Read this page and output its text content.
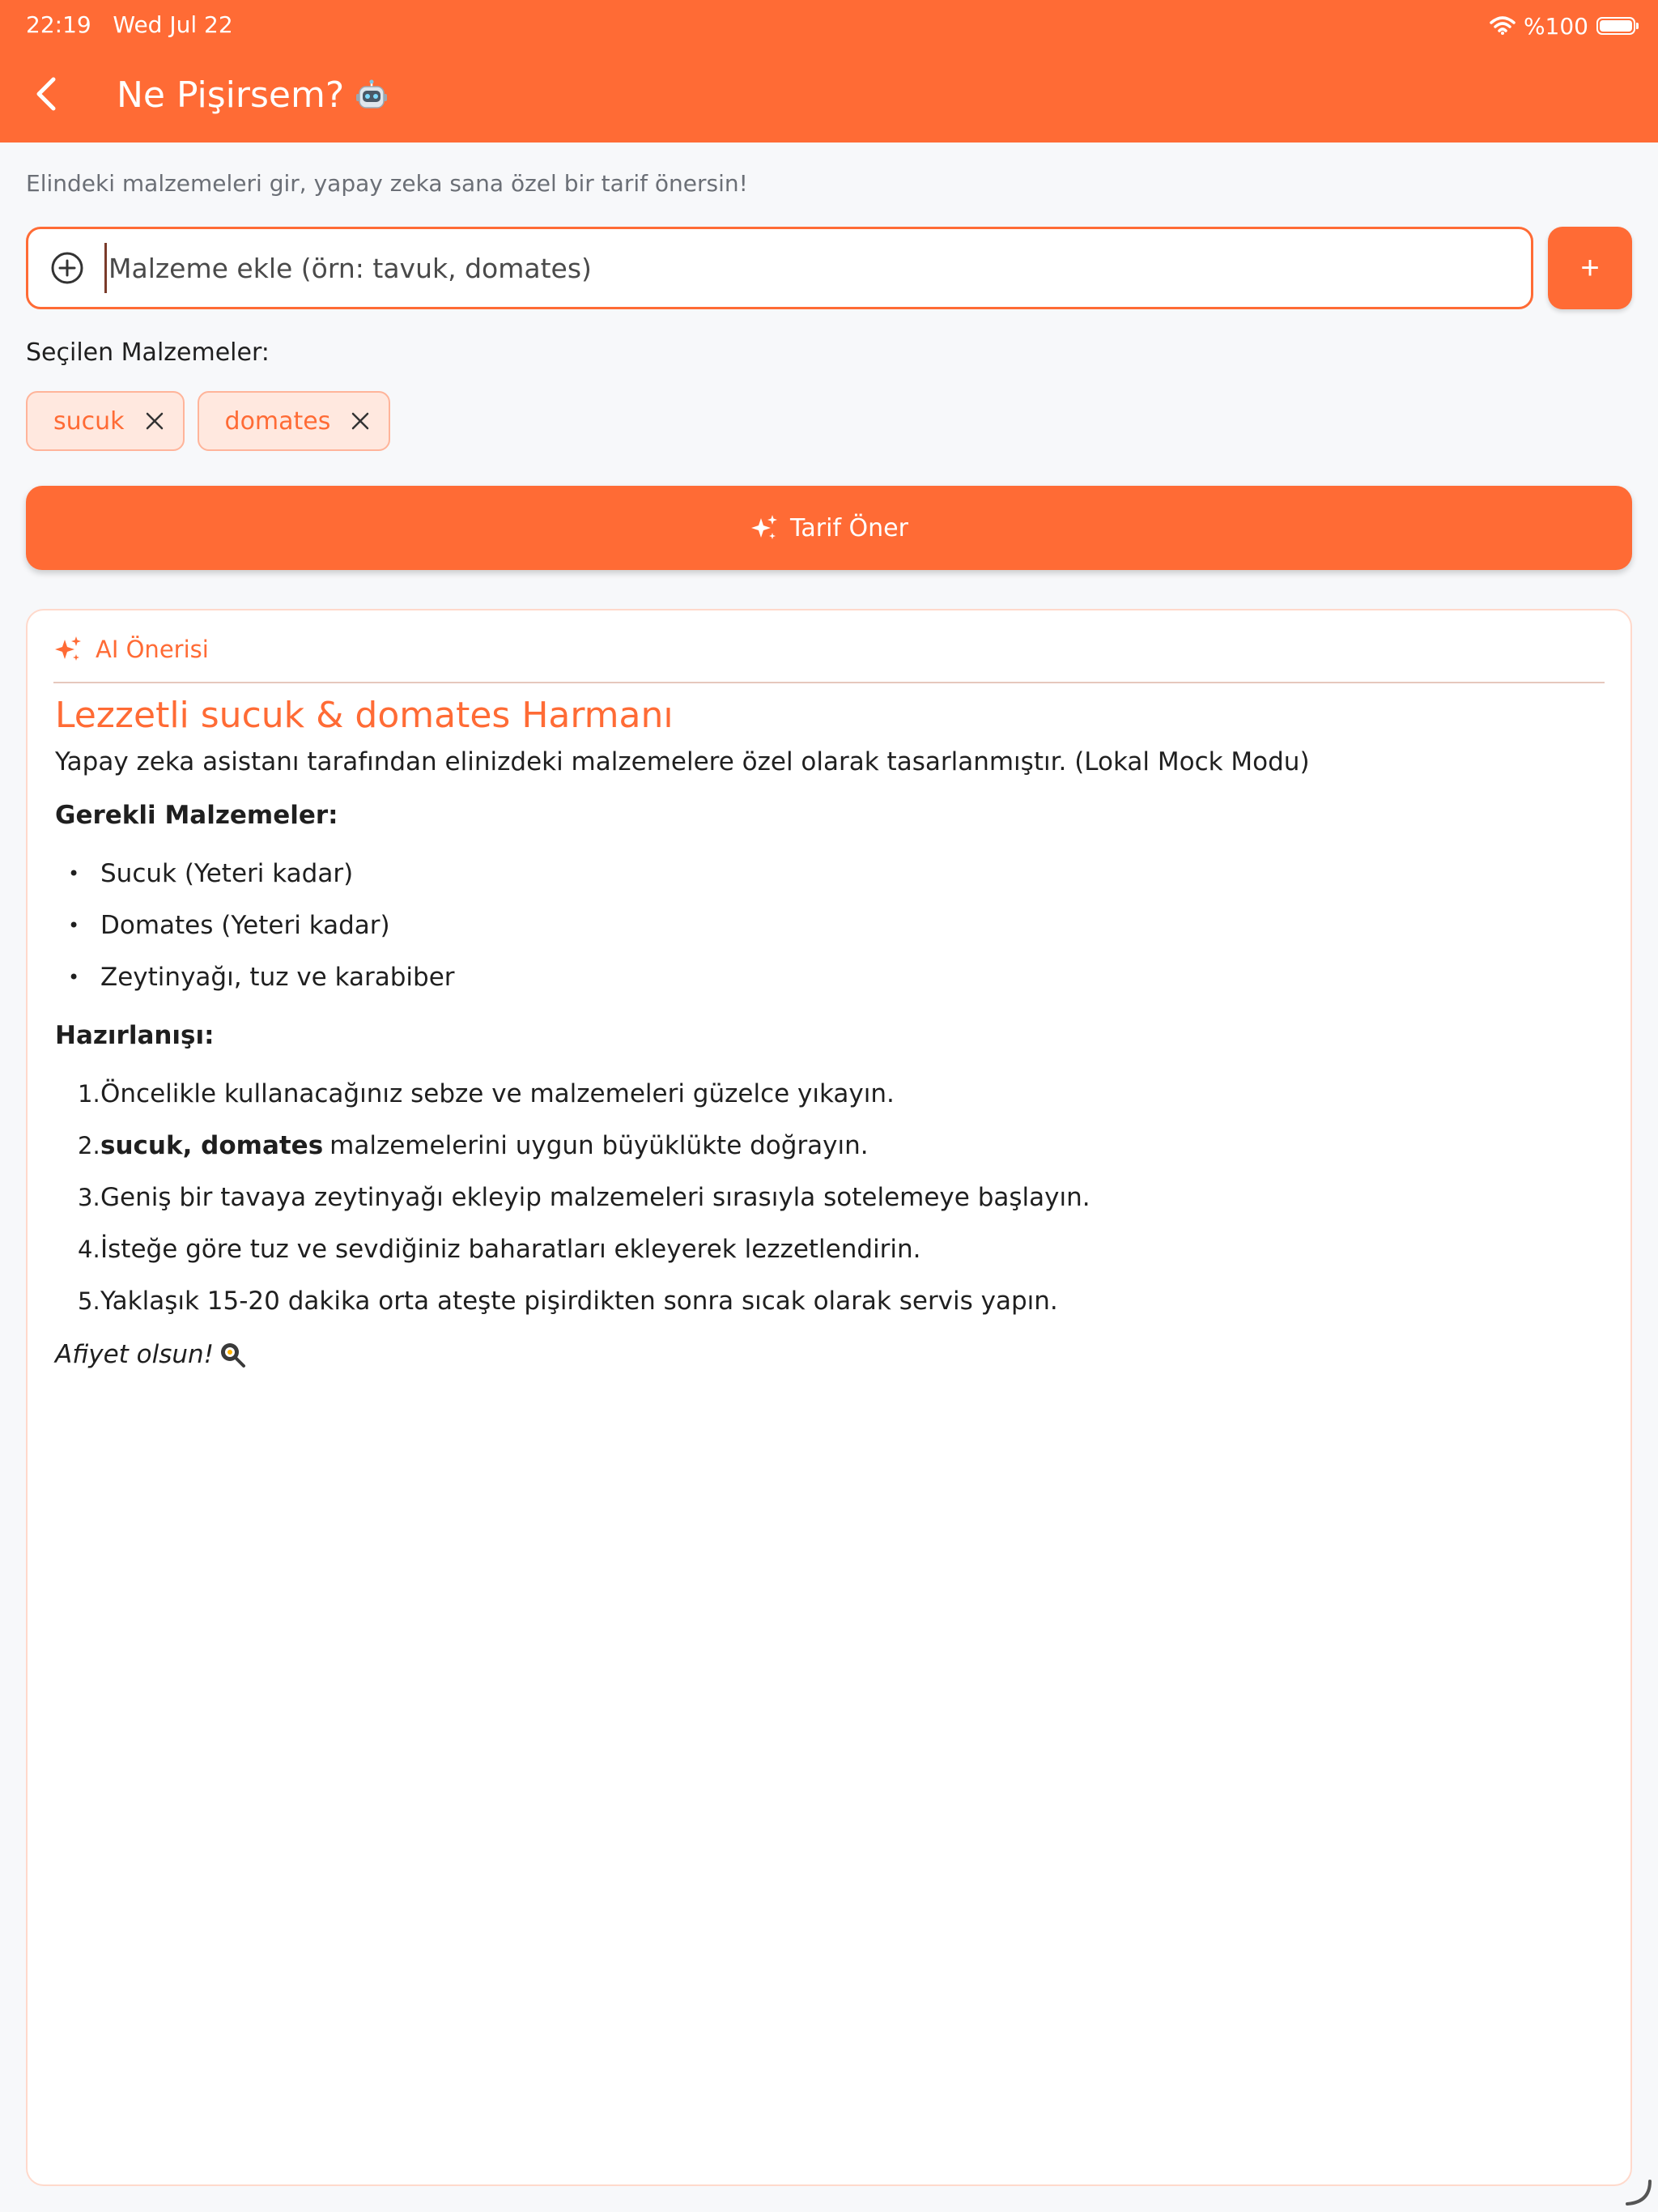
22:19 Wed Jul 22	%100
Ne Pişirsem?
Elindeki malzemeleri gir, yapay zeka sana özel bir tarif önersin!
Malzeme ekle (örn: tavuk, domates)
+
Seçilen Malzemeler:
sucuk	domates
Tarif Öner
AI Önerisi
Lezzetli sucuk & domates Harmanı

Yapay zeka asistanı tarafından elinizdeki malzemelere özel olarak tasarlanmıştır. (Lokal Mock Modu)

Gerekli Malzemeler:

• Sucuk (Yeteri kadar)
• Domates (Yeteri kadar)
• Zeytinyağı, tuz ve karabiber

Hazırlanışı:

1. Öncelikle kullanacağınız sebze ve malzemeleri güzelce yıkayın.
2. sucuk, domates malzemelerini uygun büyüklükte doğrayın.
3. Geniş bir tavaya zeytinyağı ekleyip malzemeleri sırasıyla sotelemeye başlayın.
4. İsteğe göre tuz ve sevdiğiniz baharatları ekleyerek lezzetlendirin.
5. Yaklaşık 15-20 dakika orta ateşte pişirdikten sonra sıcak olarak servis yapın.
Afiyet olsun!
